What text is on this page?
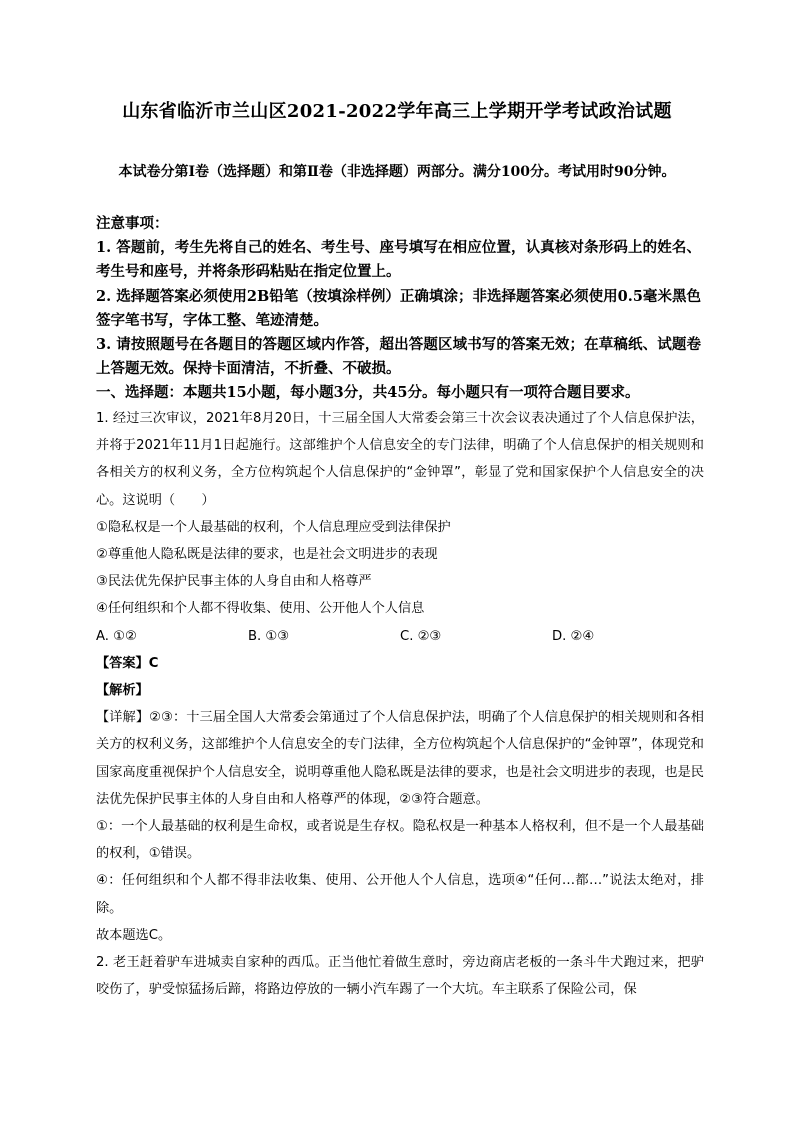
山东省临沂市兰山区2021-2022学年高三上学期开学考试政治试题
本试卷分第Ⅰ卷（选择题）和第Ⅱ卷（非选择题）两部分。满分100分。考试用时90分钟。

注意事项：

1. 答题前，考生先将自己的姓名、考生号、座号填写在相应位置，认真核对条形码上的姓名、考生号和座号，并将条形码粘贴在指定位置上。

2. 选择题答案必须使用2B铅笔（按填涂样例）正确填涂；非选择题答案必须使用0.5毫米黑色签字笔书写，字体工整、笔迹清楚。

3. 请按照题号在各题目的答题区域内作答，超出答题区域书写的答案无效；在草稿纸、试题卷上答题无效。保持卡面清洁，不折叠、不破损。

一、选择题：本题共15小题，每小题3分，共45分。每小题只有一项符合题目要求。

1. 经过三次审议，2021年8月20日，十三届全国人大常委会第三十次会议表决通过了个人信息保护法，并将于2021年11月1日起施行。这部维护个人信息安全的专门法律，明确了个人信息保护的相关规则和各相关方的权利义务，全方位构筑起个人信息保护的“金钟罩”，彰显了党和国家保护个人信息安全的决心。这说明（　　）

①隐私权是一个人最基础的权利，个人信息理应受到法律保护

②尊重他人隐私既是法律的要求，也是社会文明进步的表现

③民法优先保护民事主体的人身自由和人格尊严

④任何组织和个人都不得收集、使用、公开他人个人信息

A. ①②	B. ①③	C. ②③	D. ②④

【答案】C

【解析】

【详解】②③：十三届全国人大常委会第通过了个人信息保护法，明确了个人信息保护的相关规则和各相关方的权利义务，这部维护个人信息安全的专门法律，全方位构筑起个人信息保护的“金钟罩”，体现党和国家高度重视保护个人信息安全，说明尊重他人隐私既是法律的要求，也是社会文明进步的表现，也是民法优先保护民事主体的人身自由和人格尊严的体现，②③符合题意。

①：一个人最基础的权利是生命权，或者说是生存权。隐私权是一种基本人格权利，但不是一个人最基础的权利，①错误。

④：任何组织和个人都不得非法收集、使用、公开他人个人信息，选项④“任何…都…”说法太绝对，排除。

故本题选C。

2. 老王赶着驴车进城卖自家种的西瓜。正当他忙着做生意时，旁边商店老板的一条斗牛犬跑过来，把驴咬伤了，驴受惊猛扬后蹄，将路边停放的一辆小汽车踢了一个大坑。车主联系了保险公司，保
